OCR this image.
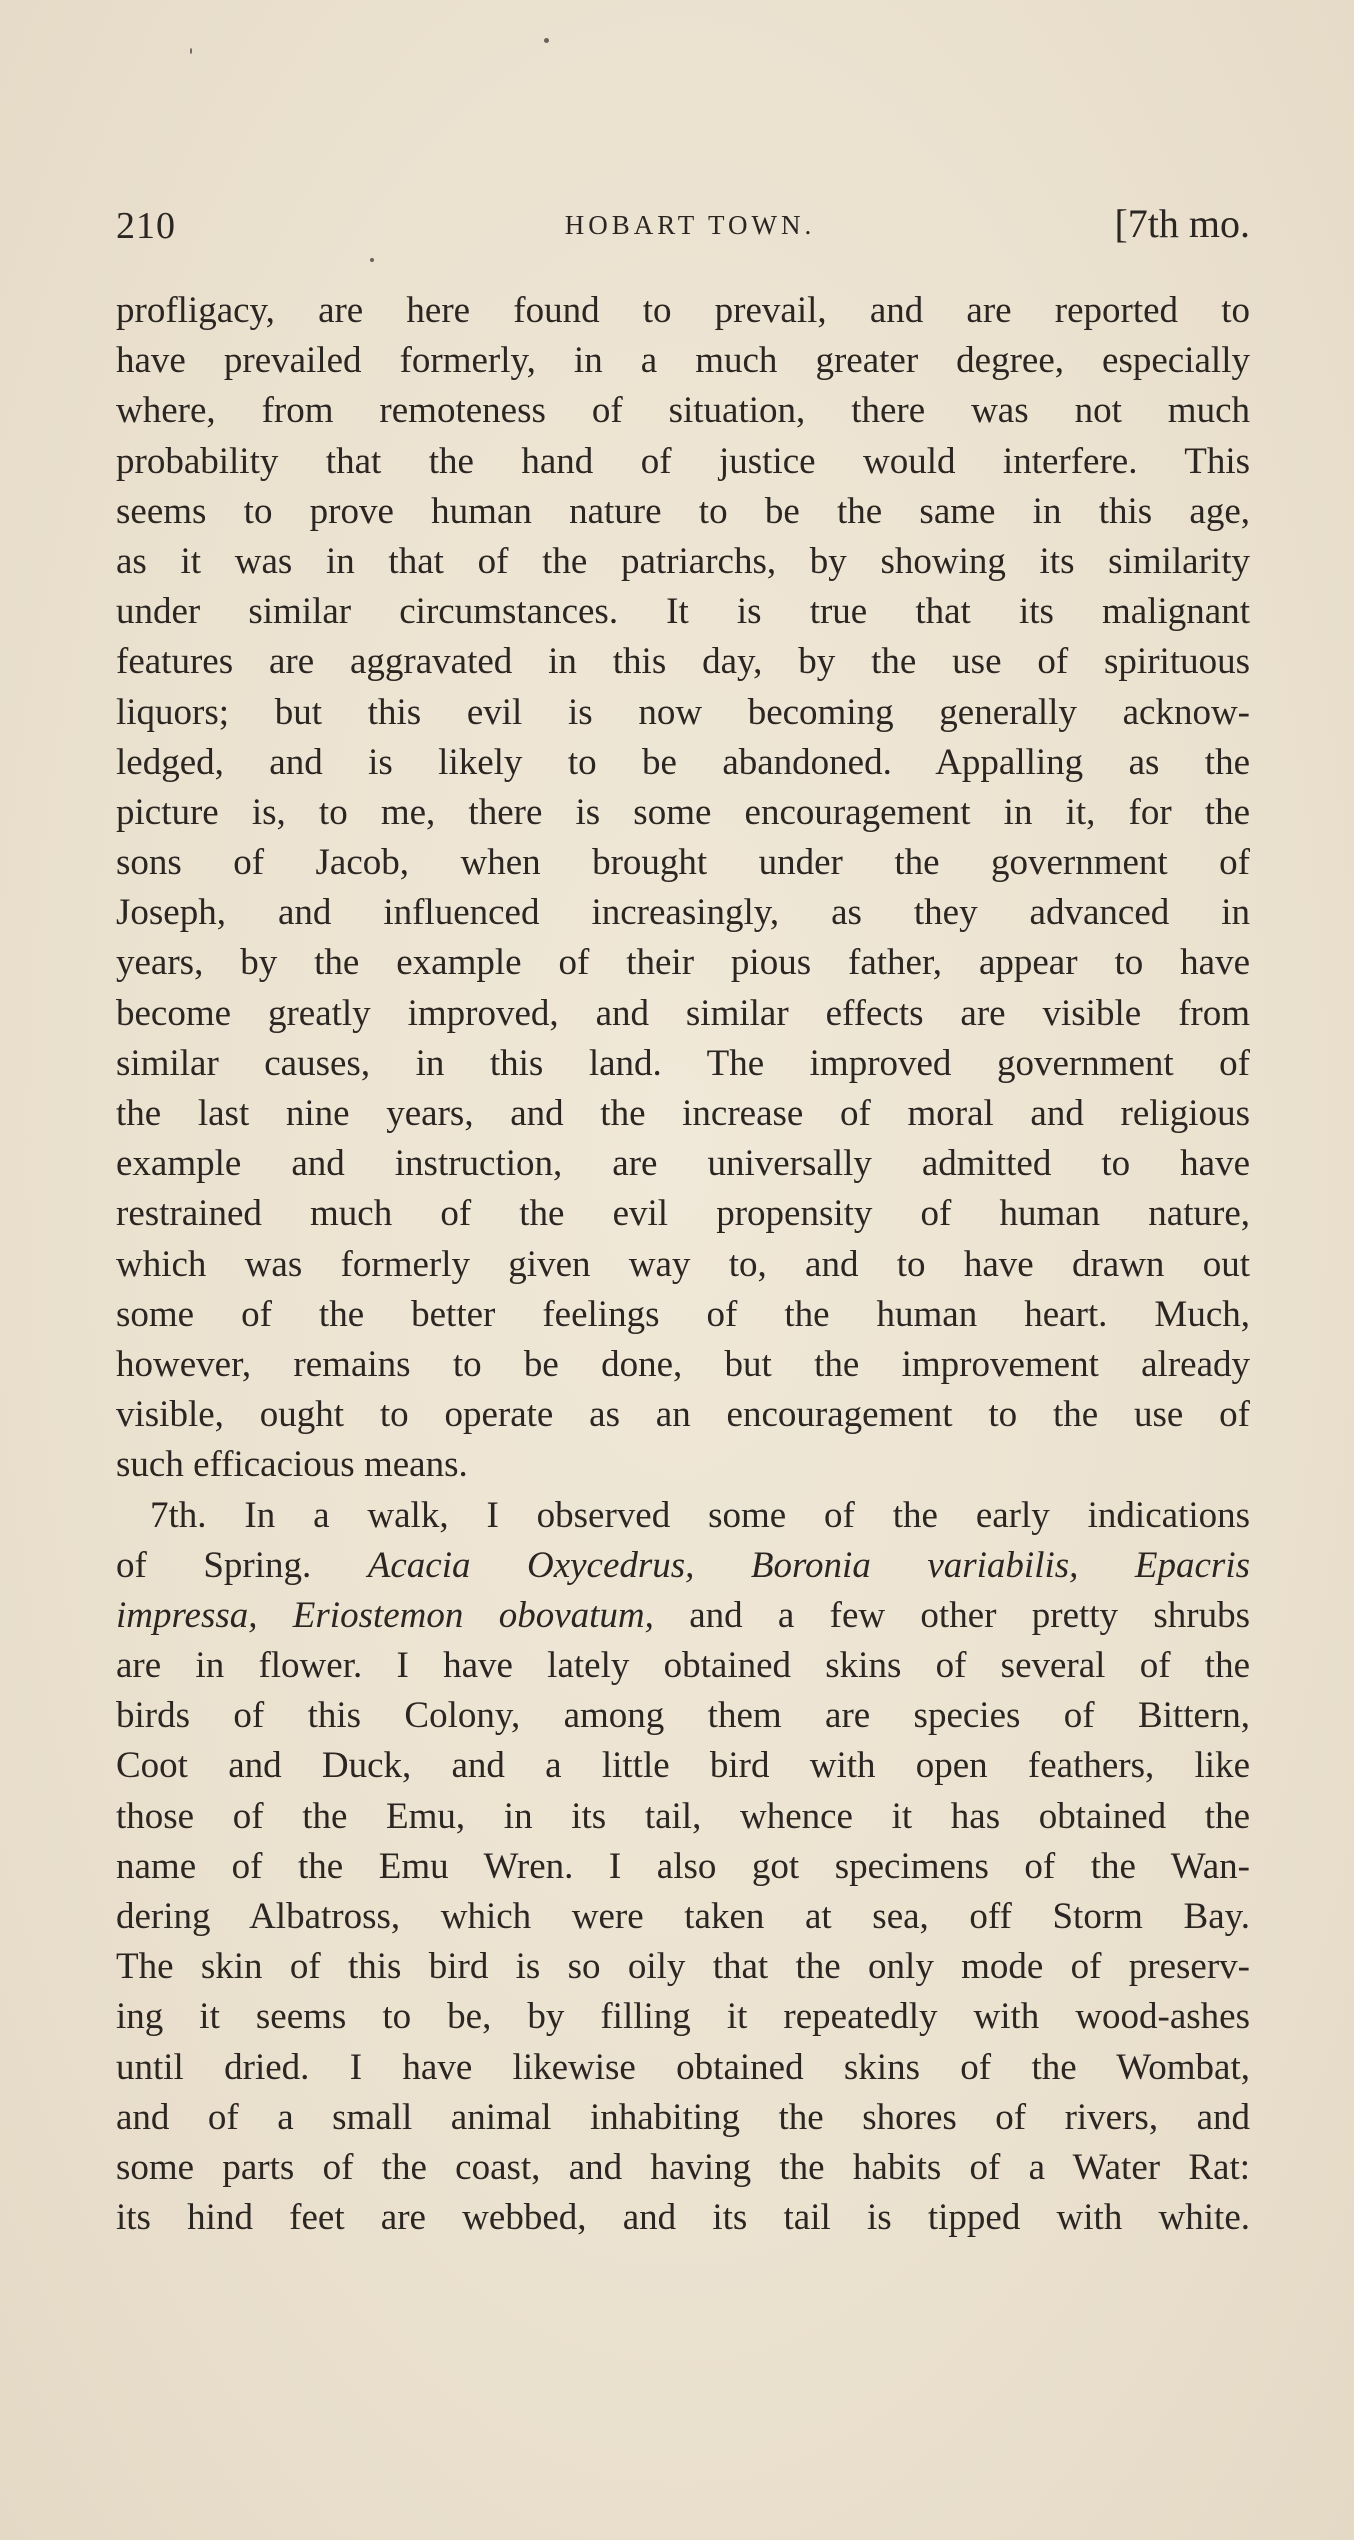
210	HOBART TOWN.	[7th mo.
profligacy, are here found to prevail, and are reported to
have prevailed formerly, in a much greater degree, especially
where, from remoteness of situation, there was not much
probability that the hand of justice would interfere. This
seems to prove human nature to be the same in this age,
as it was in that of the patriarchs, by showing its similarity
under similar circumstances. It is true that its malignant
features are aggravated in this day, by the use of spirituous
liquors; but this evil is now becoming generally acknow-
ledged, and is likely to be abandoned. Appalling as the
picture is, to me, there is some encouragement in it, for the
sons of Jacob, when brought under the government of
Joseph, and influenced increasingly, as they advanced in
years, by the example of their pious father, appear to have
become greatly improved, and similar effects are visible from
similar causes, in this land. The improved government of
the last nine years, and the increase of moral and religious
example and instruction, are universally admitted to have
restrained much of the evil propensity of human nature,
which was formerly given way to, and to have drawn out
some of the better feelings of the human heart. Much,
however, remains to be done, but the improvement already
visible, ought to operate as an encouragement to the use of
such efficacious means.
7th. In a walk, I observed some of the early indications
of Spring. Acacia Oxycedrus, Boronia variabilis, Epacris
impressa, Eriostemon obovatum, and a few other pretty shrubs
are in flower. I have lately obtained skins of several of the
birds of this Colony, among them are species of Bittern,
Coot and Duck, and a little bird with open feathers, like
those of the Emu, in its tail, whence it has obtained the
name of the Emu Wren. I also got specimens of the Wan-
dering Albatross, which were taken at sea, off Storm Bay.
The skin of this bird is so oily that the only mode of preserv-
ing it seems to be, by filling it repeatedly with wood-ashes
until dried. I have likewise obtained skins of the Wombat,
and of a small animal inhabiting the shores of rivers, and
some parts of the coast, and having the habits of a Water Rat:
its hind feet are webbed, and its tail is tipped with white.
